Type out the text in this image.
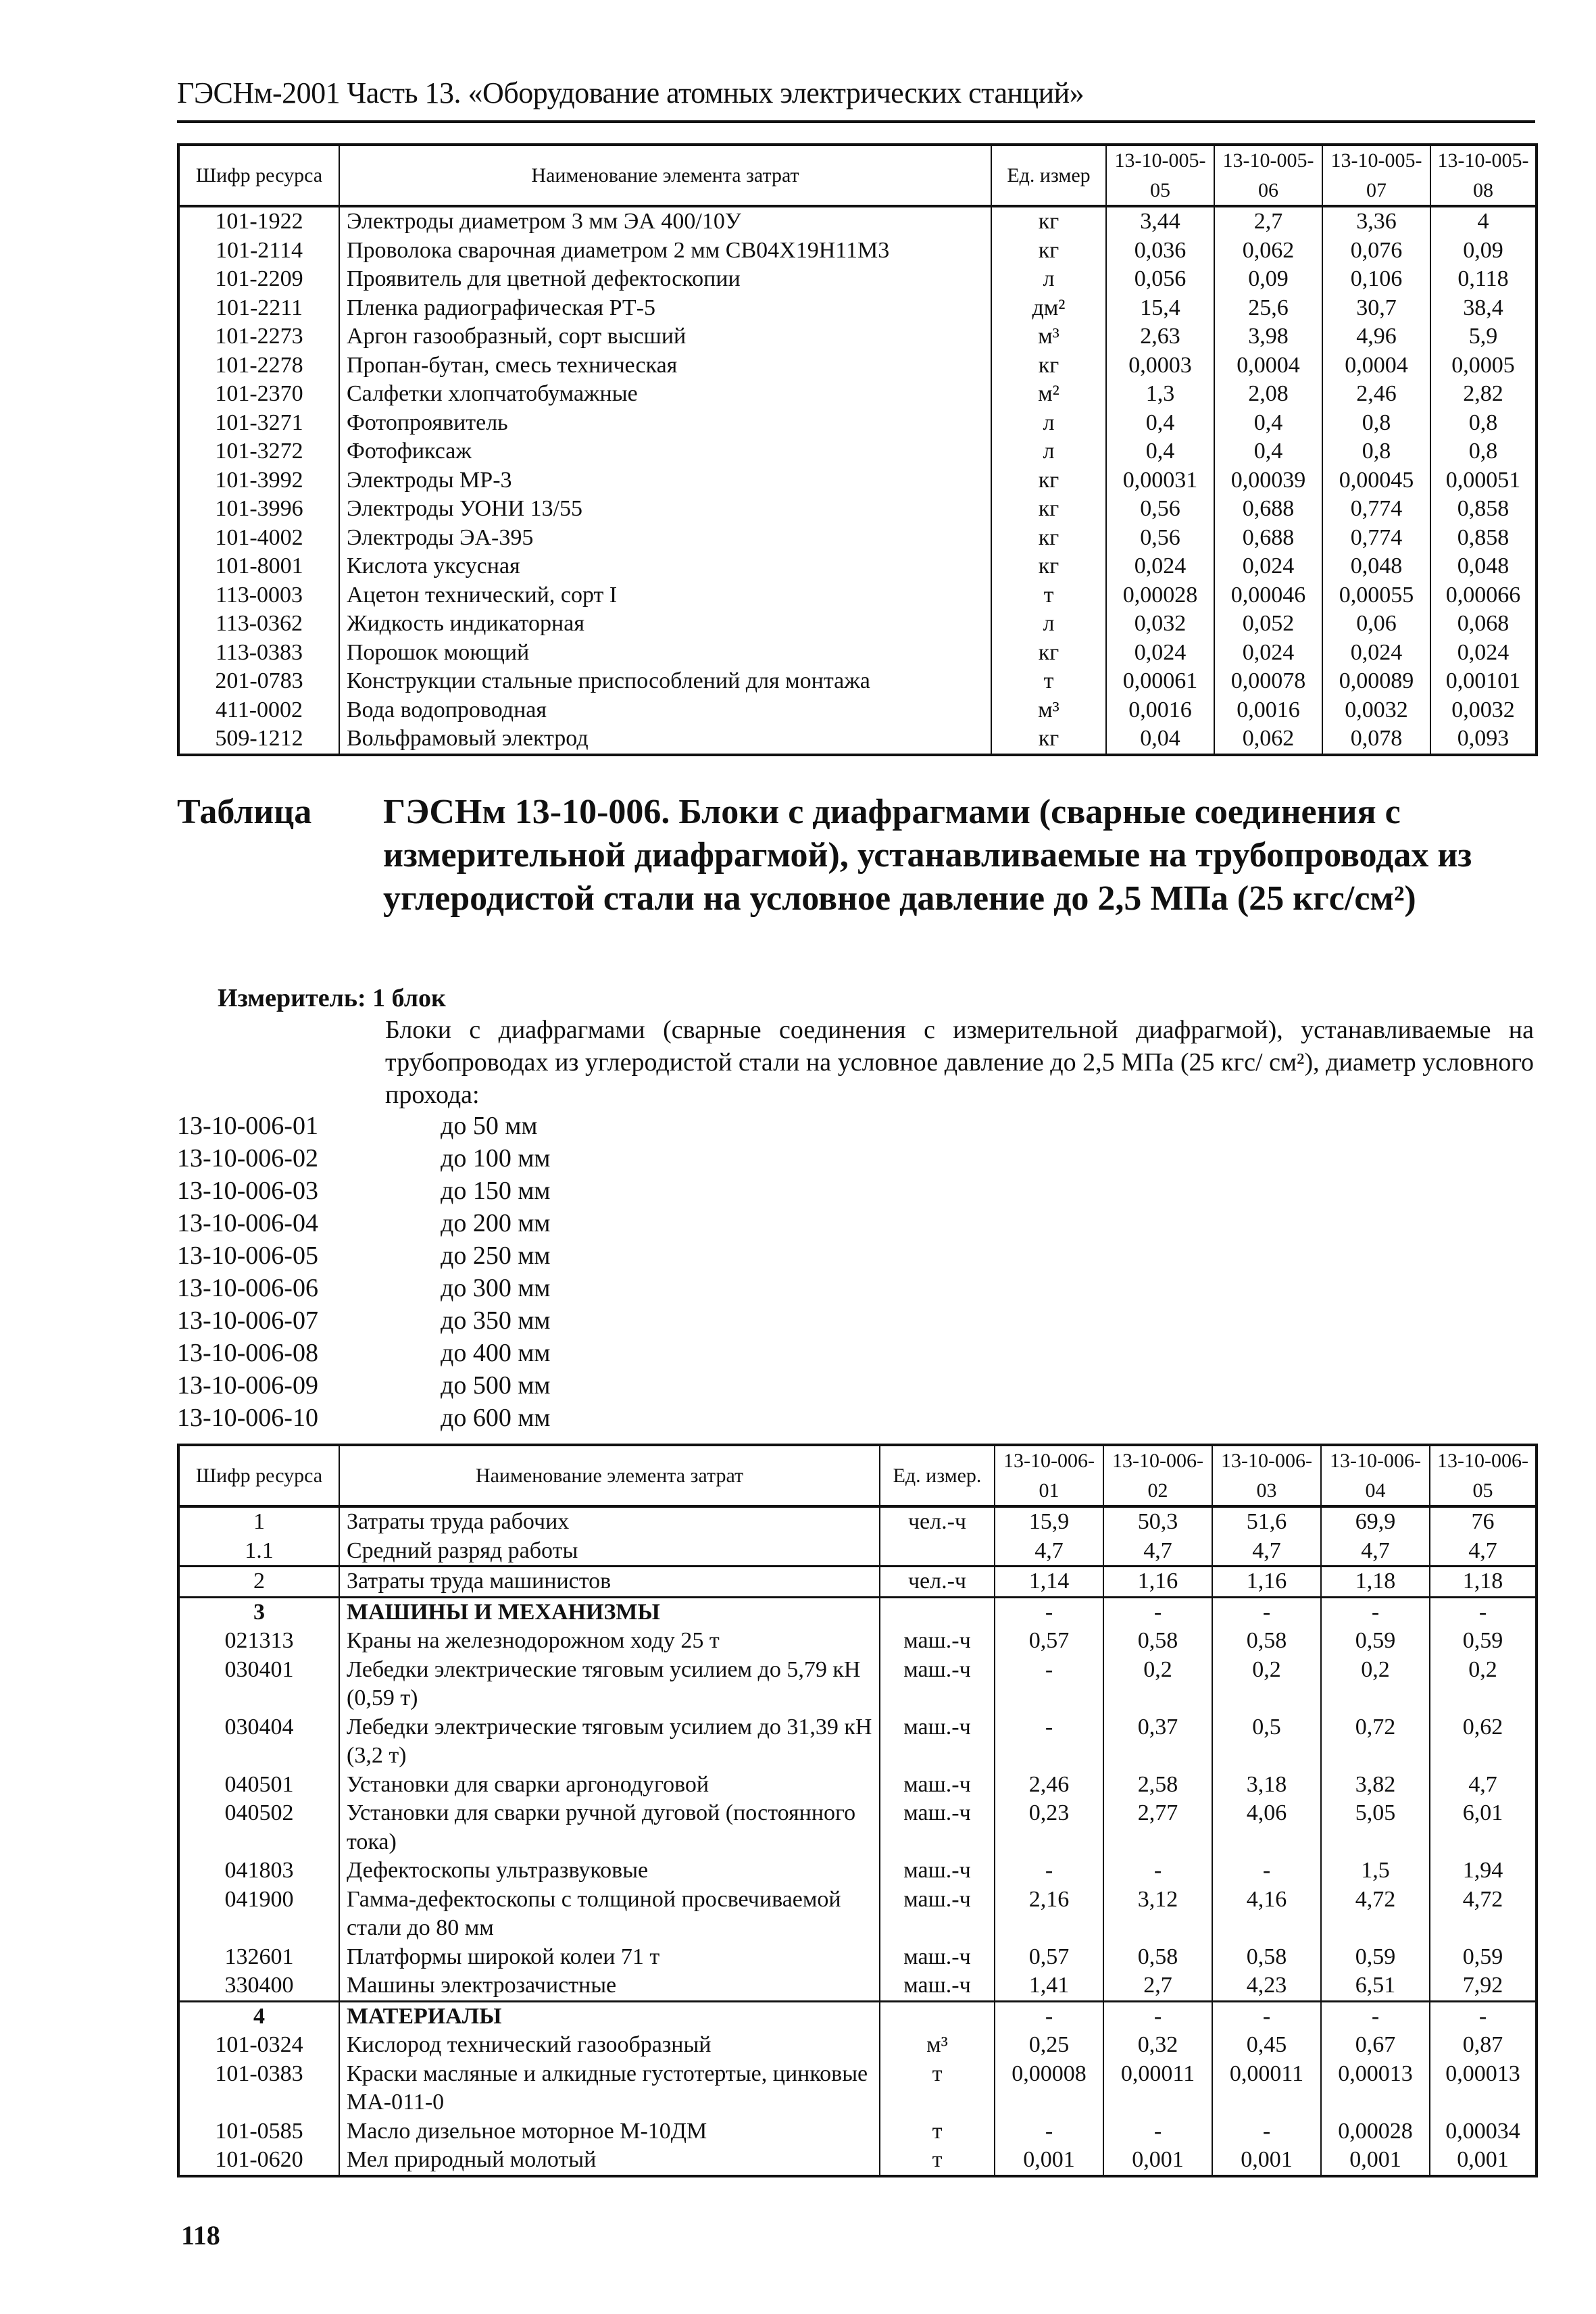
ГЭСНм-2001 Часть 13. «Оборудование атомных электрических станций»
Шифр ресурса	Наименование элемента затрат	Ед. измер	13-10-005-05	13-10-005-06	13-10-005-07	13-10-005-08
101-1922	Электроды диаметром 3 мм ЭА 400/10У	кг	3,44	2,7	3,36	4
101-2114	Проволока сварочная диаметром 2 мм СВ04Х19Н11М3	кг	0,036	0,062	0,076	0,09
101-2209	Проявитель для цветной дефектоскопии	л	0,056	0,09	0,106	0,118
101-2211	Пленка радиографическая РТ-5	дм²	15,4	25,6	30,7	38,4
101-2273	Аргон газообразный, сорт высший	м³	2,63	3,98	4,96	5,9
101-2278	Пропан-бутан, смесь техническая	кг	0,0003	0,0004	0,0004	0,0005
101-2370	Салфетки хлопчатобумажные	м²	1,3	2,08	2,46	2,82
101-3271	Фотопроявитель	л	0,4	0,4	0,8	0,8
101-3272	Фотофиксаж	л	0,4	0,4	0,8	0,8
101-3992	Электроды МР-3	кг	0,00031	0,00039	0,00045	0,00051
101-3996	Электроды УОНИ 13/55	кг	0,56	0,688	0,774	0,858
101-4002	Электроды ЭА-395	кг	0,56	0,688	0,774	0,858
101-8001	Кислота уксусная	кг	0,024	0,024	0,048	0,048
113-0003	Ацетон технический, сорт I	т	0,00028	0,00046	0,00055	0,00066
113-0362	Жидкость индикаторная	л	0,032	0,052	0,06	0,068
113-0383	Порошок моющий	кг	0,024	0,024	0,024	0,024
201-0783	Конструкции стальные приспособлений для монтажа	т	0,00061	0,00078	0,00089	0,00101
411-0002	Вода водопроводная	м³	0,0016	0,0016	0,0032	0,0032
509-1212	Вольфрамовый электрод	кг	0,04	0,062	0,078	0,093
Таблица ГЭСНм 13-10-006. Блоки с диафрагмами (сварные соединения с измерительной диафрагмой), устанавливаемые на трубопроводах из углеродистой стали на условное давление до 2,5 МПа (25 кгс/см²)
Измеритель: 1 блок
Блоки с диафрагмами (сварные соединения с измерительной диафрагмой), устанавливаемые на трубопроводах из углеродистой стали на условное давление до 2,5 МПа (25 кгс/ см²), диаметр условного прохода:
13-10-006-01	до 50 мм
13-10-006-02	до 100 мм
13-10-006-03	до 150 мм
13-10-006-04	до 200 мм
13-10-006-05	до 250 мм
13-10-006-06	до 300 мм
13-10-006-07	до 350 мм
13-10-006-08	до 400 мм
13-10-006-09	до 500 мм
13-10-006-10	до 600 мм
Шифр ресурса	Наименование элемента затрат	Ед. измер.	13-10-006-01	13-10-006-02	13-10-006-03	13-10-006-04	13-10-006-05
1	Затраты труда рабочих	чел.-ч	15,9	50,3	51,6	69,9	76
1.1	Средний разряд работы		4,7	4,7	4,7	4,7	4,7
2	Затраты труда машинистов	чел.-ч	1,14	1,16	1,16	1,18	1,18
3	МАШИНЫ И МЕХАНИЗМЫ		-	-	-	-	-
021313	Краны на железнодорожном ходу 25 т	маш.-ч	0,57	0,58	0,58	0,59	0,59
030401	Лебедки электрические тяговым усилием до 5,79 кН (0,59 т)	маш.-ч	-	0,2	0,2	0,2	0,2
030404	Лебедки электрические тяговым усилием до 31,39 кН (3,2 т)	маш.-ч	-	0,37	0,5	0,72	0,62
040501	Установки для сварки аргонодуговой	маш.-ч	2,46	2,58	3,18	3,82	4,7
040502	Установки для сварки ручной дуговой (постоянного тока)	маш.-ч	0,23	2,77	4,06	5,05	6,01
041803	Дефектоскопы ультразвуковые	маш.-ч	-	-	-	1,5	1,94
041900	Гамма-дефектоскопы с толщиной просвечиваемой стали до 80 мм	маш.-ч	2,16	3,12	4,16	4,72	4,72
132601	Платформы широкой колеи 71 т	маш.-ч	0,57	0,58	0,58	0,59	0,59
330400	Машины электрозачистные	маш.-ч	1,41	2,7	4,23	6,51	7,92
4	МАТЕРИАЛЫ		-	-	-	-	-
101-0324	Кислород технический газообразный	м³	0,25	0,32	0,45	0,67	0,87
101-0383	Краски масляные и алкидные густотертые, цинковые МА-011-0	т	0,00008	0,00011	0,00011	0,00013	0,00013
101-0585	Масло дизельное моторное М-10ДМ	т	-	-	-	0,00028	0,00034
101-0620	Мел природный молотый	т	0,001	0,001	0,001	0,001	0,001
118
